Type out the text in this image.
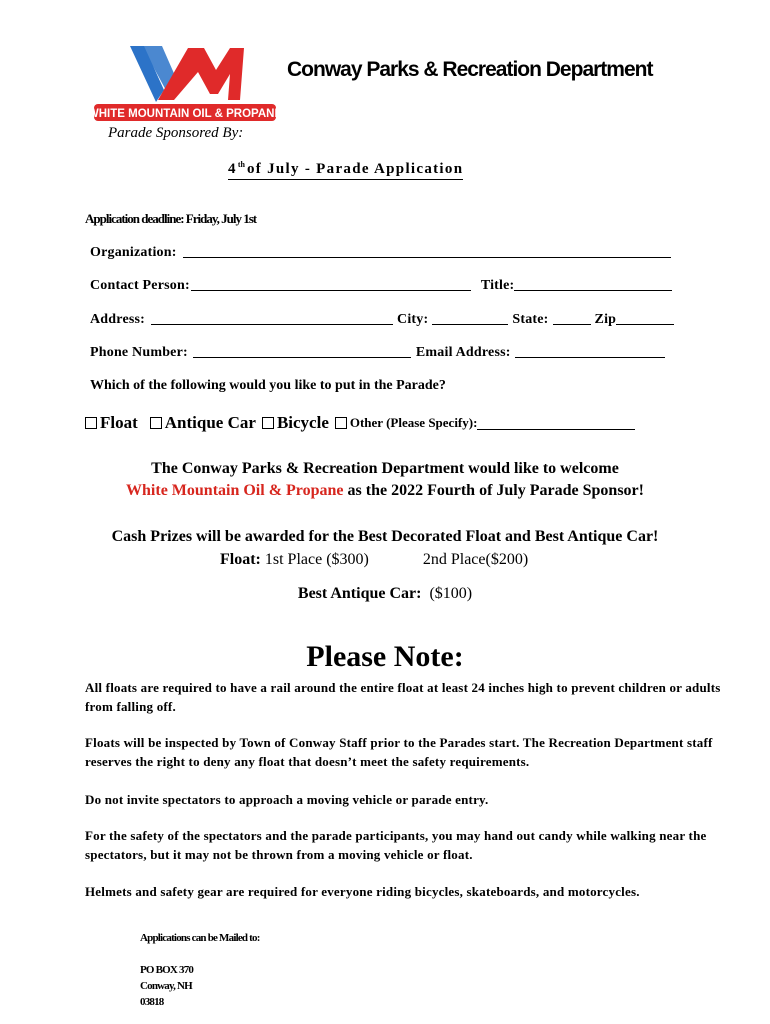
WHITE MOUNTAIN OIL & PROPANE
Conway Parks & Recreation Department
Parade Sponsored By:
4th of July - Parade Application
Application deadline: Friday, July 1st
Organization:
Contact Person:	Title:
Address:	City:	State:	Zip
Phone Number:	Email Address:
Which of the following would you like to put in the Parade?
Float Antique Car Bicycle Other (Please Specify):
The Conway Parks & Recreation Department would like to welcome
White Mountain Oil & Propane as the 2022 Fourth of July Parade Sponsor!
Cash Prizes will be awarded for the Best Decorated Float and Best Antique Car!
Float: 1st Place ($300)	2nd Place($200)
Best Antique Car: ($100)
Please Note:
All floats are required to have a rail around the entire float at least 24 inches high to prevent children or adults from falling off.
Floats will be inspected by Town of Conway Staff prior to the Parades start. The Recreation Department staff reserves the right to deny any float that doesn’t meet the safety requirements.
Do not invite spectators to approach a moving vehicle or parade entry.
For the safety of the spectators and the parade participants, you may hand out candy while walking near the spectators, but it may not be thrown from a moving vehicle or float.
Helmets and safety gear are required for everyone riding bicycles, skateboards, and motorcycles.
Applications can be Mailed to:
PO BOX 370
Conway, NH
03818
